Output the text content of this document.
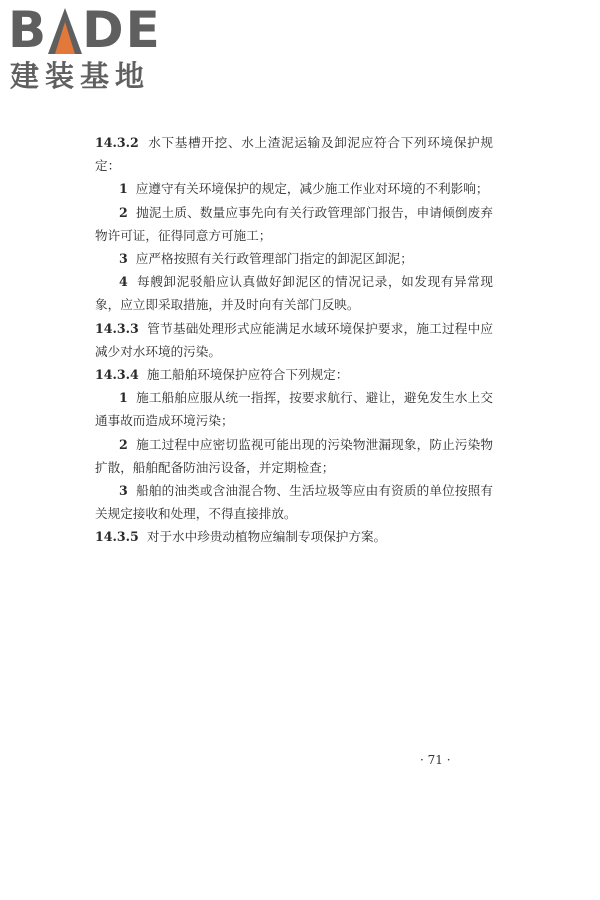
B DE
建装基地

14.3.2 水下基槽开挖、水上渣泥运输及卸泥应符合下列环境保护规定：

1 应遵守有关环境保护的规定，减少施工作业对环境的不利影响；

2 抛泥土质、数量应事先向有关行政管理部门报告，申请倾倒废弃物许可证，征得同意方可施工；

3 应严格按照有关行政管理部门指定的卸泥区卸泥；

4 每艘卸泥驳船应认真做好卸泥区的情况记录，如发现有异常现象，应立即采取措施，并及时向有关部门反映。

14.3.3 管节基础处理形式应能满足水域环境保护要求，施工过程中应减少对水环境的污染。

14.3.4 施工船舶环境保护应符合下列规定：

1 施工船舶应服从统一指挥，按要求航行、避让，避免发生水上交通事故而造成环境污染；

2 施工过程中应密切监视可能出现的污染物泄漏现象，防止污染物扩散，船舶配备防油污设备，并定期检查；

3 船舶的油类或含油混合物、生活垃圾等应由有资质的单位按照有关规定接收和处理，不得直接排放。

14.3.5 对于水中珍贵动植物应编制专项保护方案。

· 71 ·
